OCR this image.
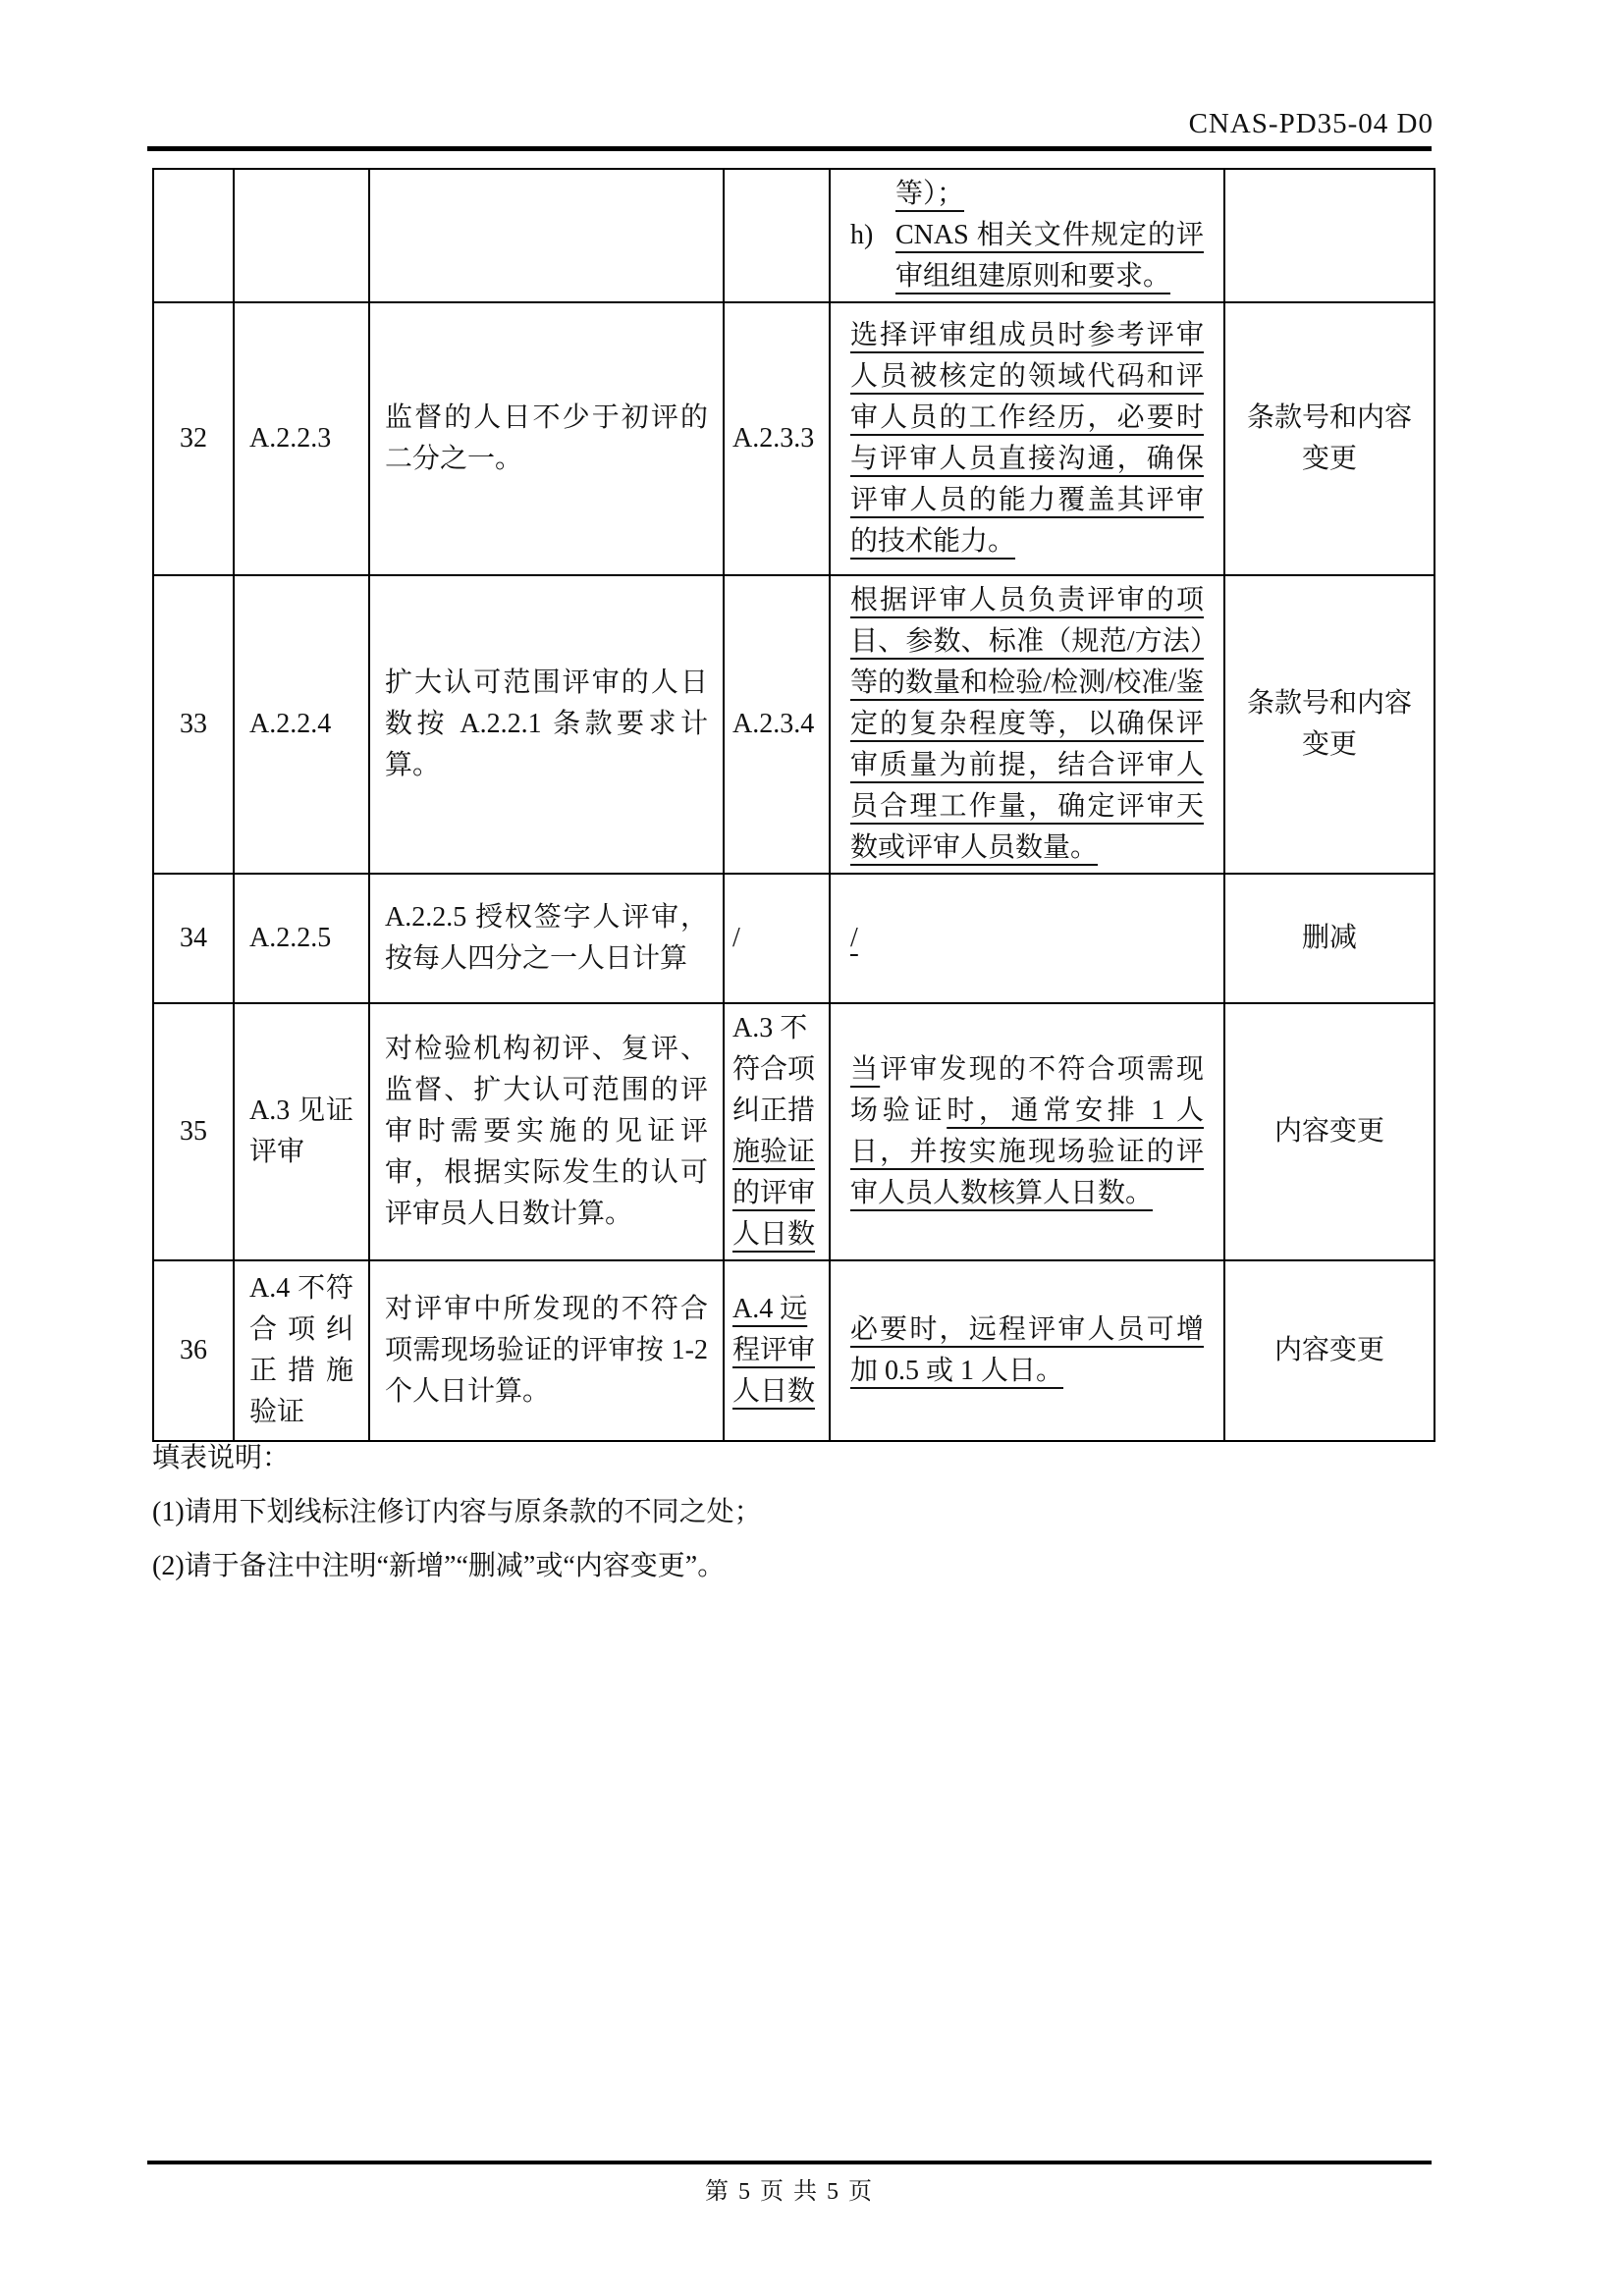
CNAS-PD35-04 D0

				等）；
h) CNAS 相关文件规定的评审组组建原则和要求。	

32	A.2.2.3	监督的人日不少于初评的二分之一。	A.2.3.3	选择评审组成员时参考评审人员被核定的领域代码和评审人员的工作经历，必要时与评审人员直接沟通，确保评审人员的能力覆盖其评审的技术能力。	条款号和内容变更
33	A.2.2.4	扩大认可范围评审的人日数按 A.2.2.1 条款要求计算。	A.2.3.4	根据评审人员负责评审的项目、参数、标准（规范/方法）等的数量和检验/检测/校准/鉴定的复杂程度等，以确保评审质量为前提，结合评审人员合理工作量，确定评审天数或评审人员数量。	条款号和内容变更
34	A.2.2.5	A.2.2.5 授权签字人评审，按每人四分之一人日计算	/	/	删减
35	A.3 见证评审	对检验机构初评、复评、监督、扩大认可范围的评审时需要实施的见证评审，根据实际发生的认可评审员人日数计算。	A.3 不符合项纠正措施验证的评审人日数	当评审发现的不符合项需现场验证时，通常安排 1 人日，并按实施现场验证的评审人员人数核算人日数。	内容变更
36	A.4 不符合项纠正措施验证	对评审中所发现的不符合项需现场验证的评审按 1-2 个人日计算。	A.4 远程评审人日数	必要时，远程评审人员可增加 0.5 或 1 人日。	内容变更
填表说明：
(1)请用下划线标注修订内容与原条款的不同之处；
(2)请于备注中注明“新增”“删减”或“内容变更”。
第 5 页 共 5 页
